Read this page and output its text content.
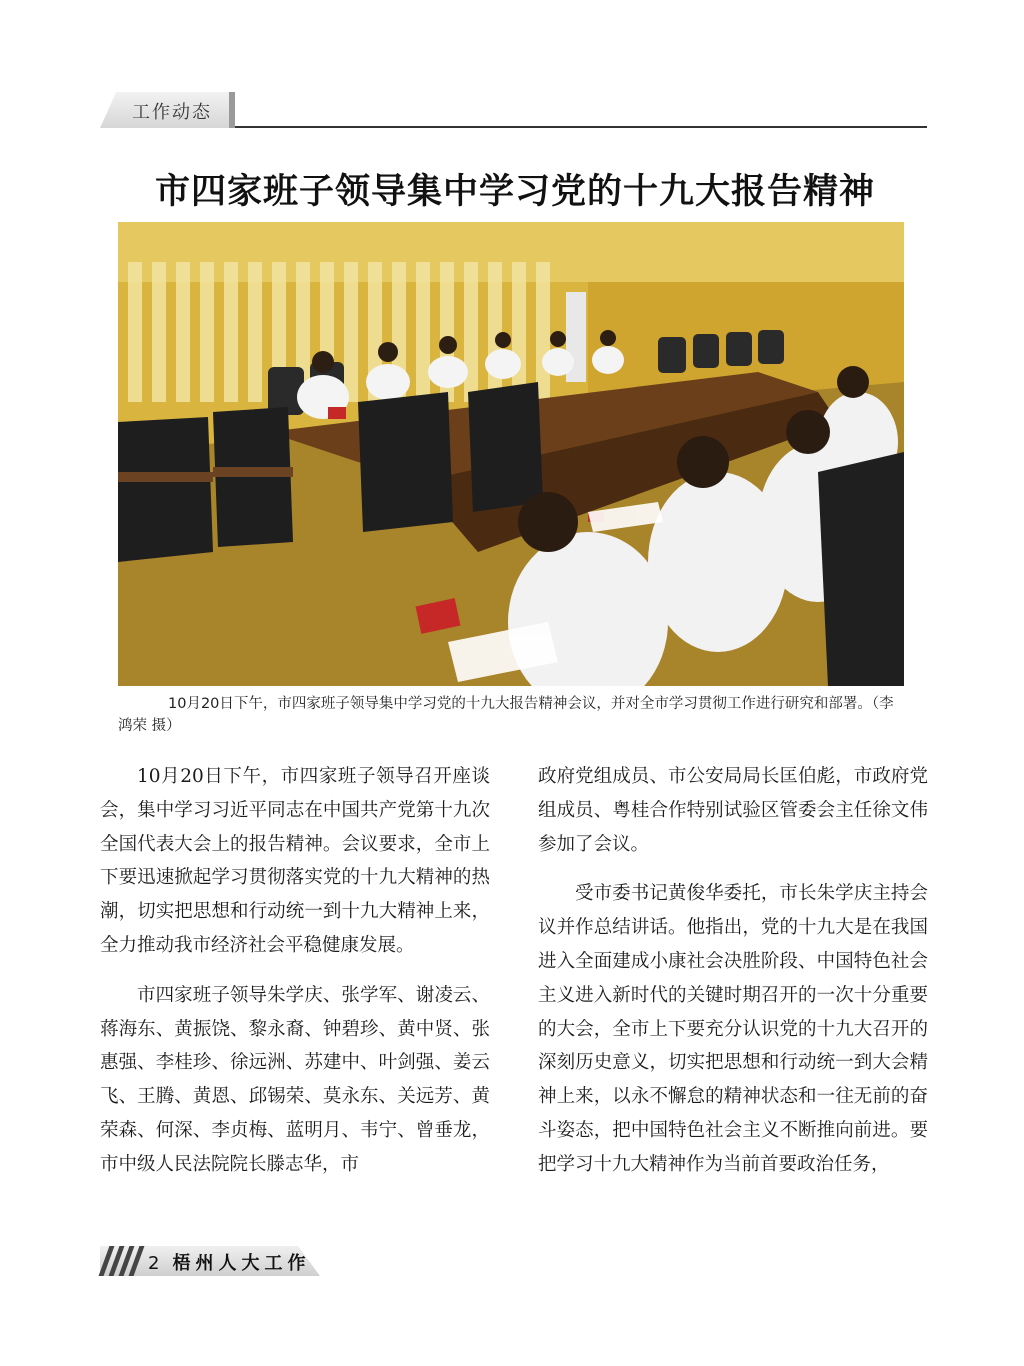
工作动态
市四家班子领导集中学习党的十九大报告精神

10月20日下午，市四家班子领导集中学习党的十九大报告精神会议，并对全市学习贯彻工作进行研究和部署。（李鸿荣 摄）

10月20日下午，市四家班子领导召开座谈会，集中学习习近平同志在中国共产党第十九次全国代表大会上的报告精神。会议要求，全市上下要迅速掀起学习贯彻落实党的十九大精神的热潮，切实把思想和行动统一到十九大精神上来，全力推动我市经济社会平稳健康发展。

市四家班子领导朱学庆、张学军、谢凌云、蒋海东、黄振饶、黎永裔、钟碧珍、黄中贤、张惠强、李桂珍、徐远洲、苏建中、叶剑强、姜云飞、王腾、黄恩、邱锡荣、莫永东、关远芳、黄荣森、何深、李贞梅、蓝明月、韦宁、曾垂龙，市中级人民法院院长滕志华，市

政府党组成员、市公安局局长匡伯彪，市政府党组成员、粤桂合作特别试验区管委会主任徐文伟参加了会议。

受市委书记黄俊华委托，市长朱学庆主持会议并作总结讲话。他指出，党的十九大是在我国进入全面建成小康社会决胜阶段、中国特色社会主义进入新时代的关键时期召开的一次十分重要的大会，全市上下要充分认识党的十九大召开的深刻历史意义，切实把思想和行动统一到大会精神上来，以永不懈怠的精神状态和一往无前的奋斗姿态，把中国特色社会主义不断推向前进。要把学习十九大精神作为当前首要政治任务，

2 梧州人大工作
